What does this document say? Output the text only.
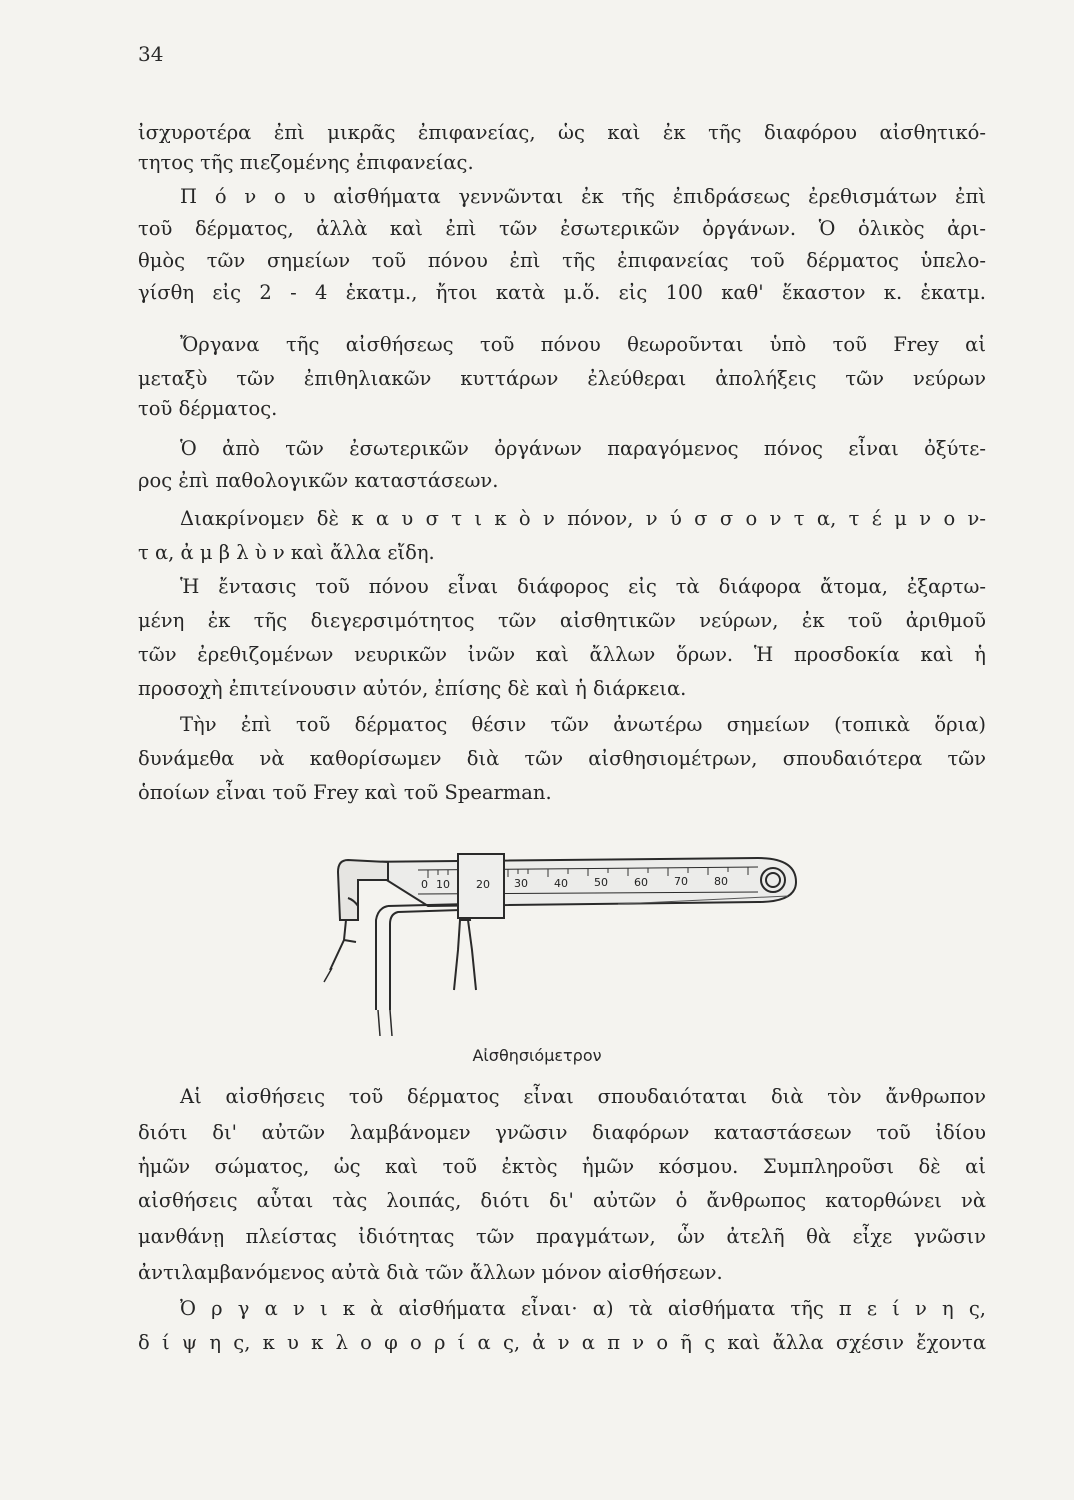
34
ἰσχυροτέρα ἐπὶ μικρᾶς ἐπιφανείας, ὡς καὶ ἐκ τῆς διαφόρου αἰσθητικό-
τητος τῆς πιεζομένης ἐπιφανείας.
Π ό ν ο υ αἰσθήματα γεννῶνται ἐκ τῆς ἐπιδράσεως ἐρεθισμάτων ἐπὶ
τοῦ δέρματος, ἀλλὰ καὶ ἐπὶ τῶν ἐσωτερικῶν ὀργάνων. Ὁ ὁλικὸς ἀρι-
θμὸς τῶν σημείων τοῦ πόνου ἐπὶ τῆς ἐπιφανείας τοῦ δέρματος ὑπελο-
γίσθη εἰς 2 - 4 ἑκατμ., ἤτοι κατὰ μ.ὅ. εἰς 100 καθ' ἕκαστον κ. ἑκατμ.
Ὄργανα τῆς αἰσθήσεως τοῦ πόνου θεωροῦνται ὑπὸ τοῦ Frey αἱ
μεταξὺ τῶν ἐπιθηλιακῶν κυττάρων ἐλεύθεραι ἀπολήξεις τῶν νεύρων
τοῦ δέρματος.
Ὁ ἀπὸ τῶν ἐσωτερικῶν ὀργάνων παραγόμενος πόνος εἶναι ὀξύτε-
ρος ἐπὶ παθολογικῶν καταστάσεων.
Διακρίνομεν δὲ κ α υ σ τ ι κ ὸ ν πόνον, ν ύ σ σ ο ν τ α, τ έ μ ν ο ν-
τ α, ἀ μ β λ ὺ ν καὶ ἄλλα εἴδη.
Ἡ ἔντασις τοῦ πόνου εἶναι διάφορος εἰς τὰ διάφορα ἄτομα, ἐξαρτω-
μένη ἐκ τῆς διεγερσιμότητος τῶν αἰσθητικῶν νεύρων, ἐκ τοῦ ἀριθμοῦ
τῶν ἐρεθιζομένων νευρικῶν ἰνῶν καὶ ἄλλων ὅρων. Ἡ προσδοκία καὶ ἡ
προσοχὴ ἐπιτείνουσιν αὐτόν, ἐπίσης δὲ καὶ ἡ διάρκεια.
Τὴν ἐπὶ τοῦ δέρματος θέσιν τῶν ἀνωτέρω σημείων (τοπικὰ ὅρια)
δυνάμεθα νὰ καθορίσωμεν διὰ τῶν αἰσθησιομέτρων, σπουδαιότερα τῶν
ὁποίων εἶναι τοῦ Frey καὶ τοῦ Spearman.
0 10 20 30 40 50 60 70 80
Αἰσθησιόμετρον
Αἱ αἰσθήσεις τοῦ δέρματος εἶναι σπουδαιόταται διὰ τὸν ἄνθρωπον
διότι δι' αὐτῶν λαμβάνομεν γνῶσιν διαφόρων καταστάσεων τοῦ ἰδίου
ἡμῶν σώματος, ὡς καὶ τοῦ ἐκτὸς ἡμῶν κόσμου. Συμπληροῦσι δὲ αἱ
αἰσθήσεις αὗται τὰς λοιπάς, διότι δι' αὐτῶν ὁ ἄνθρωπος κατορθώνει νὰ
μανθάνῃ πλείστας ἰδιότητας τῶν πραγμάτων, ὧν ἀτελῆ θὰ εἶχε γνῶσιν
ἀντιλαμβανόμενος αὐτὰ διὰ τῶν ἄλλων μόνον αἰσθήσεων.
Ὀ ρ γ α ν ι κ ὰ αἰσθήματα εἶναι· α) τὰ αἰσθήματα τῆς π ε ί ν η ς,
δ ί ψ η ς, κ υ κ λ ο φ ο ρ ί α ς, ἀ ν α π ν ο ῆ ς καὶ ἄλλα σχέσιν ἔχοντα
